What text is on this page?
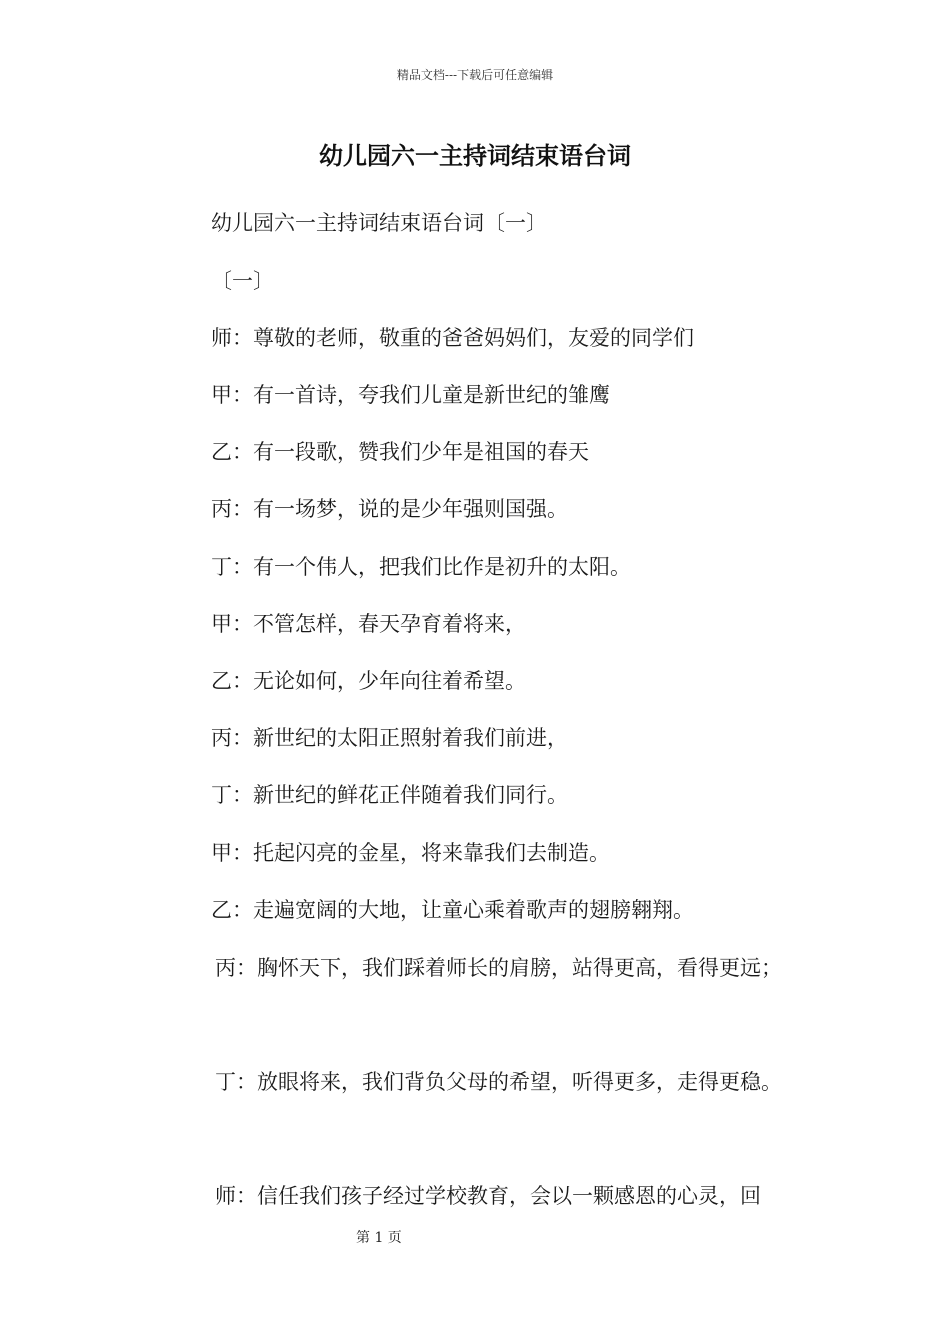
精品文档---下载后可任意编辑
幼儿园六一主持词结束语台词
幼儿园六一主持词结束语台词〔一〕
〔一〕
师：尊敬的老师，敬重的爸爸妈妈们，友爱的同学们
甲：有一首诗，夸我们儿童是新世纪的雏鹰
乙：有一段歌，赞我们少年是祖国的春天
丙：有一场梦，说的是少年强则国强。
丁：有一个伟人，把我们比作是初升的太阳。
甲：不管怎样，春天孕育着将来，
乙：无论如何，少年向往着希望。
丙：新世纪的太阳正照射着我们前进，
丁：新世纪的鲜花正伴随着我们同行。
甲：托起闪亮的金星，将来靠我们去制造。
乙：走遍宽阔的大地，让童心乘着歌声的翅膀翱翔。
丙：胸怀天下，我们踩着师长的肩膀，站得更高，看得更远；
丁：放眼将来，我们背负父母的希望，听得更多，走得更稳。
师：信任我们孩子经过学校教育，会以一颗感恩的心灵，回
第 1 页
